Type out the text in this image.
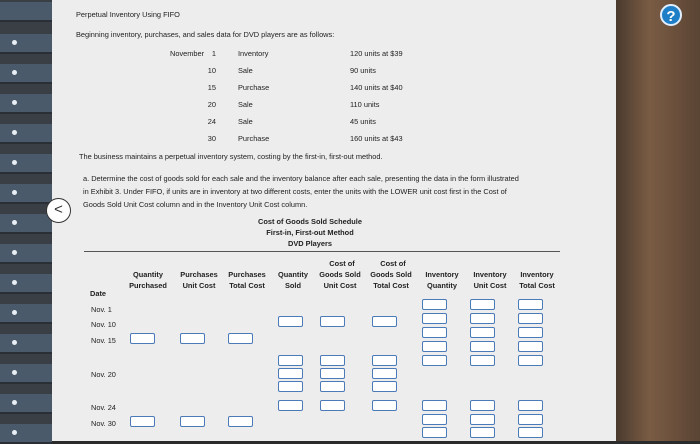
?
Perpetual Inventory Using FIFO
Beginning inventory, purchases, and sales data for DVD players are as follows:
November	1	Inventory	120 units at $39
10	Sale	90 units
15	Purchase	140 units at $40
20	Sale	110 units
24	Sale	45 units
30	Purchase	160 units at $43
The business maintains a perpetual inventory system, costing by the first-in, first-out method.
a. Determine the cost of goods sold for each sale and the inventory balance after each sale, presenting the data in the form illustrated
in Exhibit 3. Under FIFO, if units are in inventory at two different costs, enter the units with the LOWER unit cost first in the Cost of
Goods Sold Unit Cost column and in the Inventory Unit Cost column.
Cost of Goods Sold Schedule
First-in, First-out Method
DVD Players
<
Cost of	Cost of
Quantity	Purchases	Purchases	Quantity	Goods Sold	Goods Sold	Inventory	Inventory	Inventory
Purchased	Unit Cost	Total Cost	Sold	Unit Cost	Total Cost	Quantity	Unit Cost	Total Cost
Date
Nov. 1
Nov. 10
Nov. 15
Nov. 20
Nov. 24
Nov. 30
